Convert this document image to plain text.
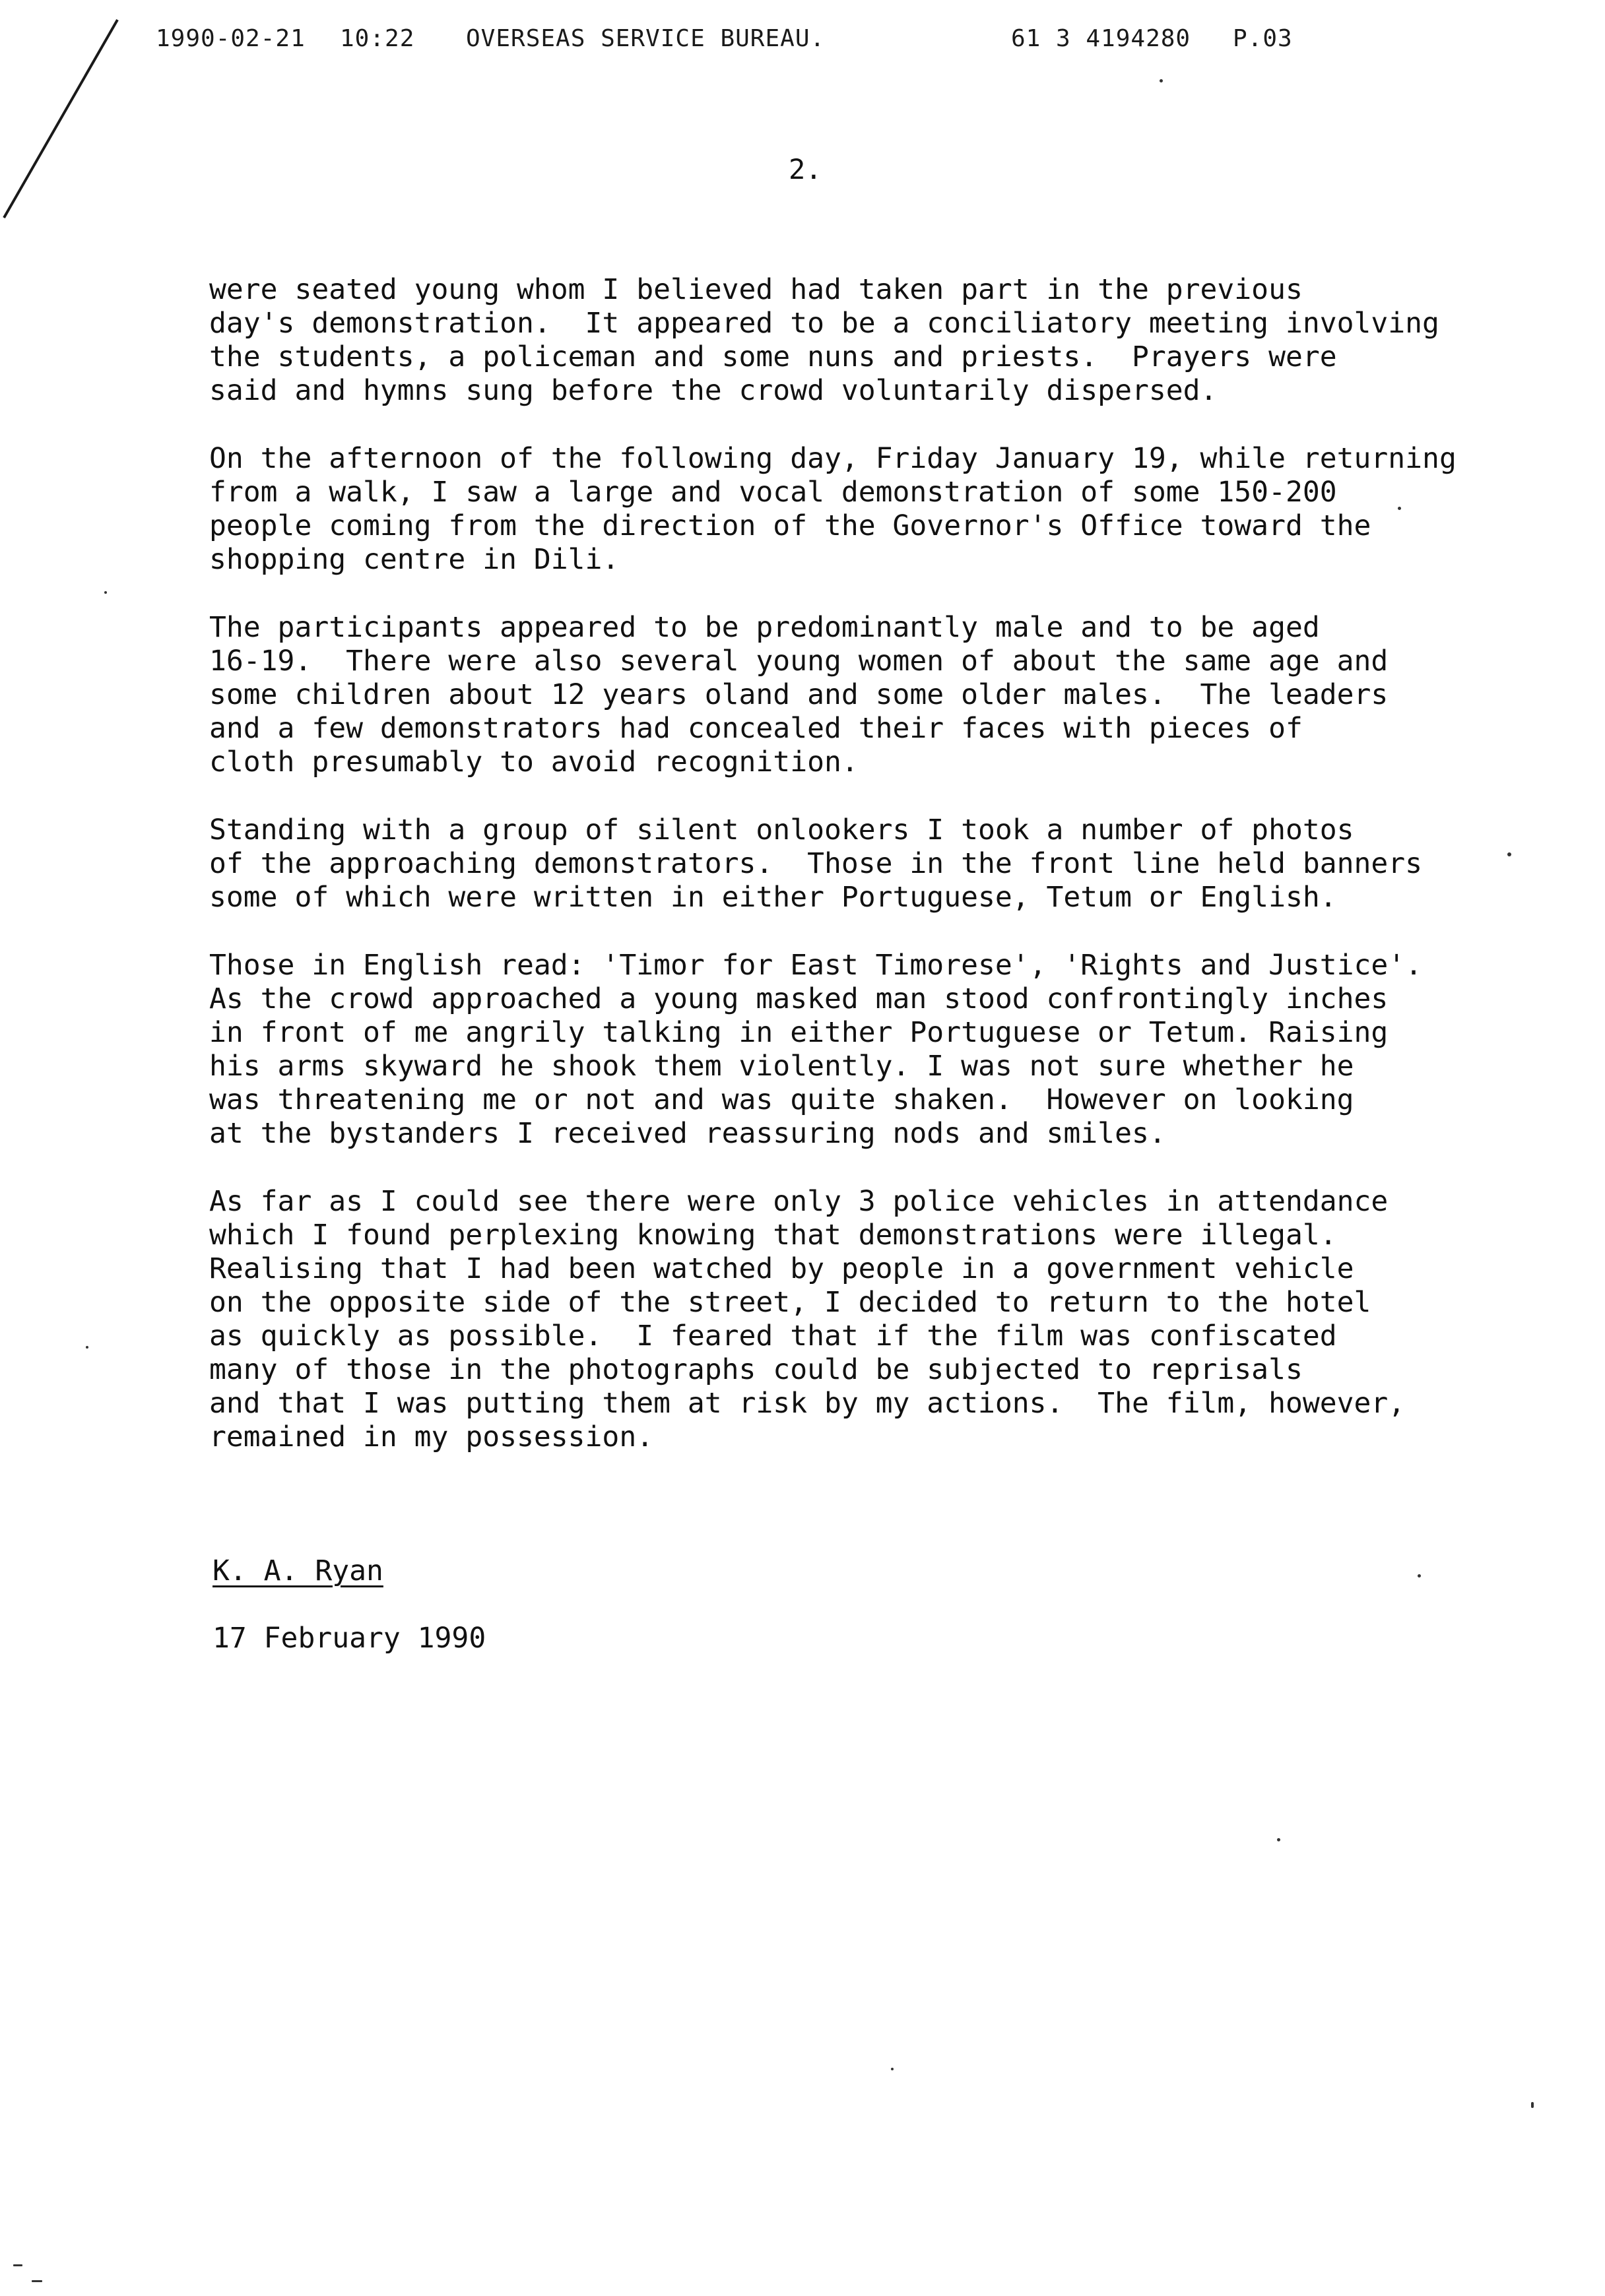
1990-02-21 10:22 OVERSEAS SERVICE BUREAU.	61 3 4194280 P.03
2.

were seated young whom I believed had taken part in the previous
day's demonstration.  It appeared to be a conciliatory meeting involving
the students, a policeman and some nuns and priests.  Prayers were
said and hymns sung before the crowd voluntarily dispersed.

On the afternoon of the following day, Friday January 19, while returning
from a walk, I saw a large and vocal demonstration of some 150-200
people coming from the direction of the Governor's Office toward the
shopping centre in Dili.

The participants appeared to be predominantly male and to be aged
16-19.  There were also several young women of about the same age and
some children about 12 years oland and some older males.  The leaders
and a few demonstrators had concealed their faces with pieces of
cloth presumably to avoid recognition.

Standing with a group of silent onlookers I took a number of photos
of the approaching demonstrators.  Those in the front line held banners
some of which were written in either Portuguese, Tetum or English.

Those in English read: 'Timor for East Timorese', 'Rights and Justice'.
As the crowd approached a young masked man stood confrontingly inches
in front of me angrily talking in either Portuguese or Tetum. Raising
his arms skyward he shook them violently. I was not sure whether he
was threatening me or not and was quite shaken.  However on looking
at the bystanders I received reassuring nods and smiles.

As far as I could see there were only 3 police vehicles in attendance
which I found perplexing knowing that demonstrations were illegal.
Realising that I had been watched by people in a government vehicle
on the opposite side of the street, I decided to return to the hotel
as quickly as possible.  I feared that if the film was confiscated
many of those in the photographs could be subjected to reprisals
and that I was putting them at risk by my actions.  The film, however,
remained in my possession.

K. A. Ryan
17 February 1990
